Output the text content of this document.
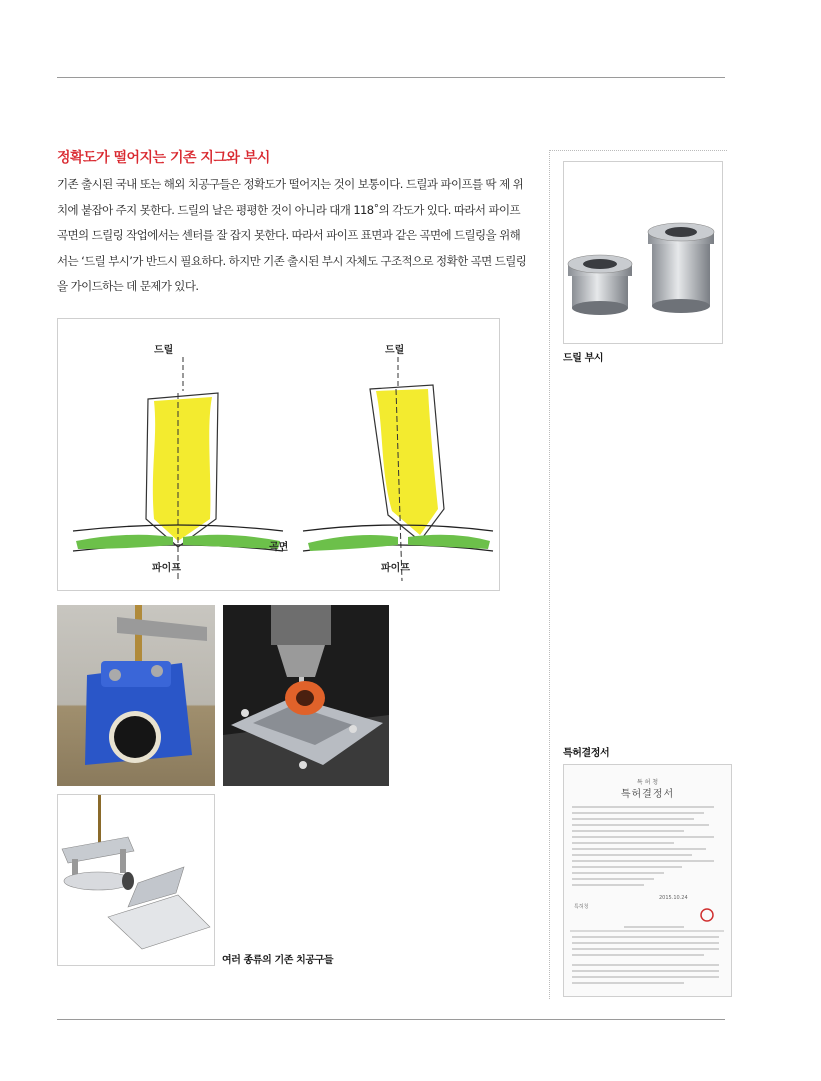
정확도가 떨어지는 기존 지그와 부시

기존 출시된 국내 또는 해외 치공구들은 정확도가 떨어지는 것이 보통이다. 드릴과 파이프를 딱 제 위치에 붙잡아 주지 못한다. 드릴의 날은 평평한 것이 아니라 대개 118˚의 각도가 있다. 따라서 파이프 곡면의 드릴링 작업에서는 센터를 잘 잡지 못한다. 따라서 파이프 표면과 같은 곡면에 드릴링을 위해서는 ‘드릴 부시’가 반드시 필요하다. 하지만 기존 출시된 부시 자체도 구조적으로 정확한 곡면 드릴링을 가이드하는 데 문제가 있다.

드릴	드릴
곡면
파이프	파이프
여러 종류의 기존 치공구들
드릴 부시
특허결정서
특 허 청
특허결정서
특허청
2015.10.24
